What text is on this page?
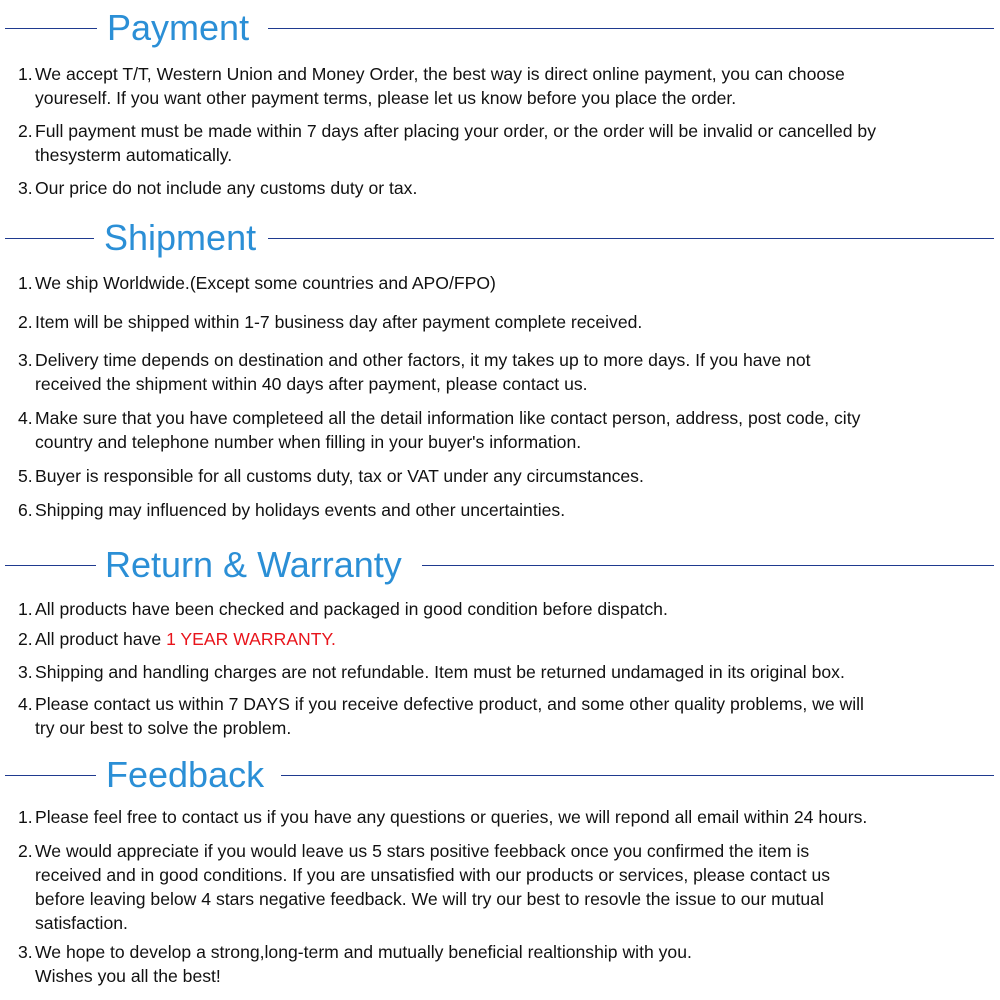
Payment
1. We accept T/T, Western Union and Money Order, the best way is direct online payment, you can choose
youreself. If you want other payment terms, please let us know before you place the order.
2. Full payment must be made within 7 days after placing your order, or the order will be invalid or cancelled by
thesysterm automatically.
3. Our price do not include any customs duty or tax.
Shipment
1. We ship Worldwide.(Except some countries and APO/FPO)
2. Item will be shipped within 1-7 business day after payment complete received.
3. Delivery time depends on destination and other factors, it my takes up to more days. If you have not
received the shipment within 40 days after payment, please contact us.
4. Make sure that you have completeed all the detail information like contact person, address, post code, city
country and telephone number when filling in your buyer's information.
5. Buyer is responsible for all customs duty, tax or VAT under any circumstances.
6. Shipping may influenced by holidays events and other uncertainties.
Return & Warranty
1. All products have been checked and packaged in good condition before dispatch.
2. All product have 1 YEAR WARRANTY.
3. Shipping and handling charges are not refundable. Item must be returned undamaged in its original box.
4. Please contact us within 7 DAYS if you receive defective product, and some other quality problems, we will
try our best to solve the problem.
Feedback
1. Please feel free to contact us if you have any questions or queries, we will repond all email within 24 hours.
2. We would appreciate if you would leave us 5 stars positive feebback once you confirmed the item is
received and in good conditions. If you are unsatisfied with our products or services, please contact us
before leaving below 4 stars negative feedback. We will try our best to resovle the issue to our mutual
satisfaction.
3. We hope to develop a strong,long-term and mutually beneficial realtionship with you.
Wishes you all the best!
